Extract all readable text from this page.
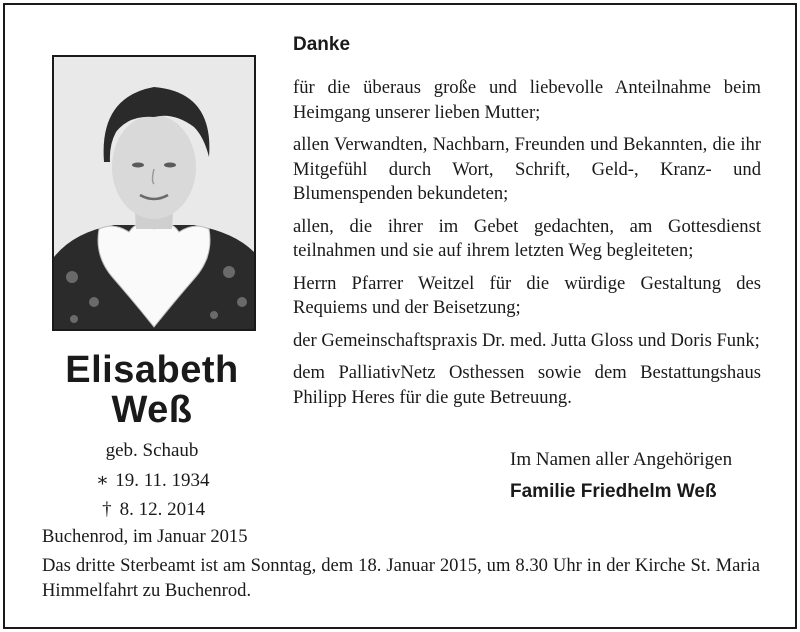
Elisabeth
Weß
geb. Schaub
∗ 19. 11. 1934
† 8. 12. 2014
Danke

für die überaus große und liebevolle Anteilnahme beim Heimgang unserer lieben Mutter;

allen Verwandten, Nachbarn, Freunden und Bekannten, die ihr Mitgefühl durch Wort, Schrift, Geld-, Kranz- und Blumenspenden bekundeten;

allen, die ihrer im Gebet gedachten, am Gottesdienst teilnahmen und sie auf ihrem letzten Weg begleiteten;

Herrn Pfarrer Weitzel für die würdige Gestaltung des Requiems und der Beisetzung;

der Gemeinschaftspraxis Dr. med. Jutta Gloss und Doris Funk;

dem PalliativNetz Osthessen sowie dem Bestattungshaus Philipp Heres für die gute Betreuung.

Im Namen aller Angehörigen
Familie Friedhelm Weß

Buchenrod, im Januar 2015

Das dritte Sterbeamt ist am Sonntag, dem 18. Januar 2015, um 8.30 Uhr in der Kirche St. Maria Himmelfahrt zu Buchenrod.
